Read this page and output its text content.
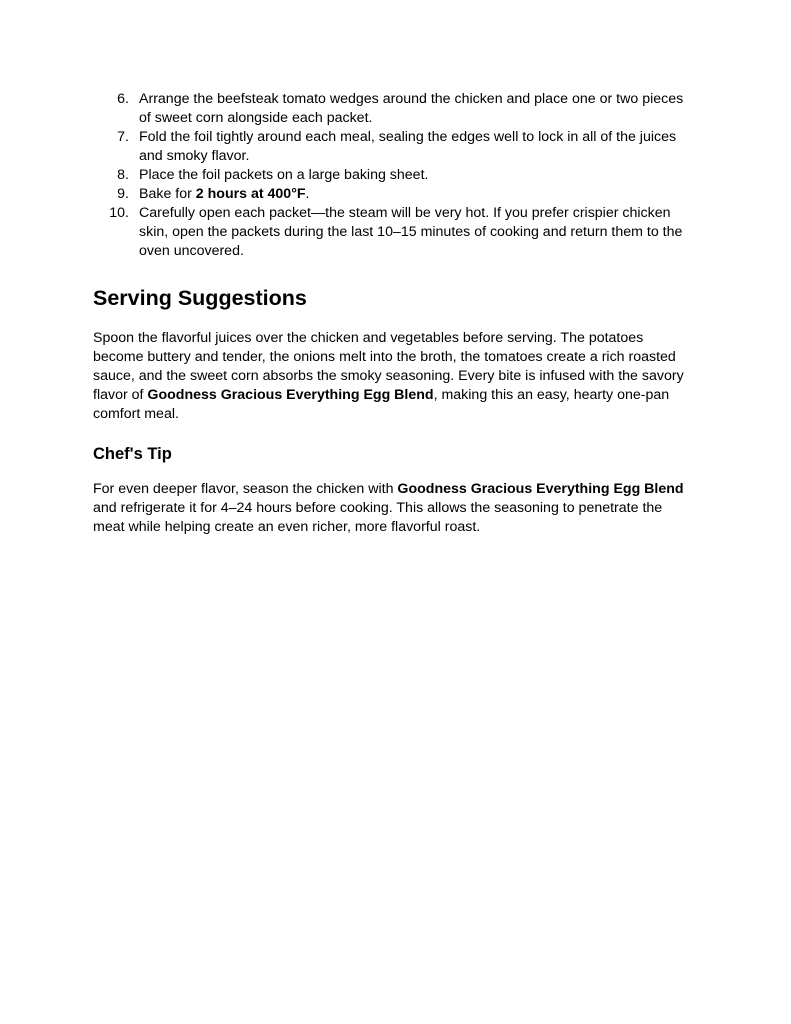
6. Arrange the beefsteak tomato wedges around the chicken and place one or two pieces of sweet corn alongside each packet.
7. Fold the foil tightly around each meal, sealing the edges well to lock in all of the juices and smoky flavor.
8. Place the foil packets on a large baking sheet.
9. Bake for 2 hours at 400°F.
10. Carefully open each packet—the steam will be very hot. If you prefer crispier chicken skin, open the packets during the last 10–15 minutes of cooking and return them to the oven uncovered.
Serving Suggestions

Spoon the flavorful juices over the chicken and vegetables before serving. The potatoes become buttery and tender, the onions melt into the broth, the tomatoes create a rich roasted sauce, and the sweet corn absorbs the smoky seasoning. Every bite is infused with the savory flavor of Goodness Gracious Everything Egg Blend, making this an easy, hearty one-pan comfort meal.

Chef's Tip

For even deeper flavor, season the chicken with Goodness Gracious Everything Egg Blend and refrigerate it for 4–24 hours before cooking. This allows the seasoning to penetrate the meat while helping create an even richer, more flavorful roast.
